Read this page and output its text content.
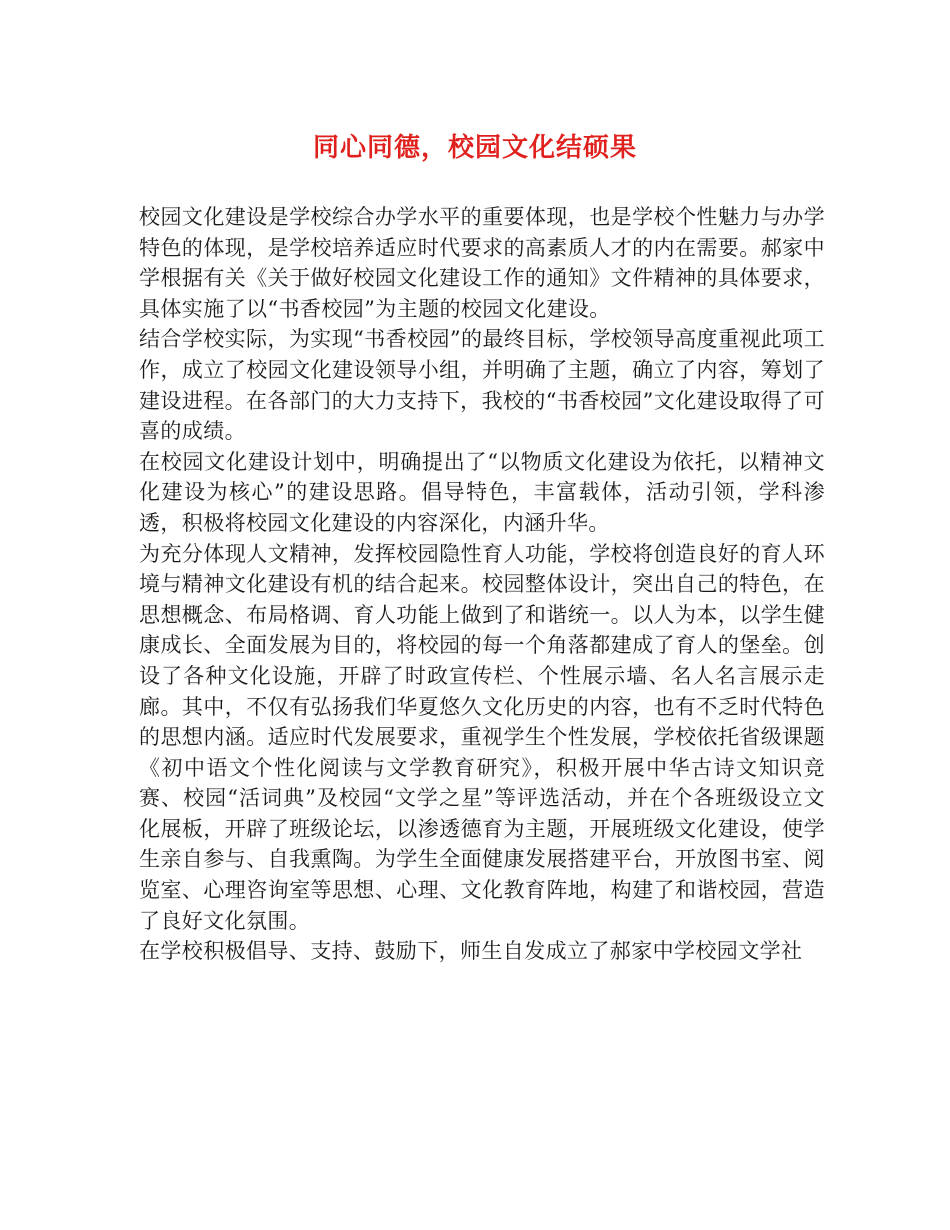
同心同德，校园文化结硕果

校园文化建设是学校综合办学水平的重要体现，也是学校个性魅力与办学特色的体现，是学校培养适应时代要求的高素质人才的内在需要。郝家中学根据有关《关于做好校园文化建设工作的通知》文件精神的具体要求，具体实施了以“书香校园”为主题的校园文化建设。

结合学校实际，为实现“书香校园”的最终目标，学校领导高度重视此项工作，成立了校园文化建设领导小组，并明确了主题，确立了内容，筹划了建设进程。在各部门的大力支持下，我校的“书香校园”文化建设取得了可喜的成绩。

在校园文化建设计划中，明确提出了“以物质文化建设为依托，以精神文化建设为核心”的建设思路。倡导特色，丰富载体，活动引领，学科渗透，积极将校园文化建设的内容深化，内涵升华。

为充分体现人文精神，发挥校园隐性育人功能，学校将创造良好的育人环境与精神文化建设有机的结合起来。校园整体设计，突出自己的特色，在思想概念、布局格调、育人功能上做到了和谐统一。以人为本，以学生健康成长、全面发展为目的，将校园的每一个角落都建成了育人的堡垒。创设了各种文化设施，开辟了时政宣传栏、个性展示墙、名人名言展示走廊。其中，不仅有弘扬我们华夏悠久文化历史的内容，也有不乏时代特色的思想内涵。适应时代发展要求，重视学生个性发展，学校依托省级课题《初中语文个性化阅读与文学教育研究》，积极开展中华古诗文知识竞赛、校园“活词典”及校园“文学之星”等评选活动，并在个各班级设立文化展板，开辟了班级论坛，以渗透德育为主题，开展班级文化建设，使学生亲自参与、自我熏陶。为学生全面健康发展搭建平台，开放图书室、阅览室、心理咨询室等思想、心理、文化教育阵地，构建了和谐校园，营造了良好文化氛围。

在学校积极倡导、支持、鼓励下，师生自发成立了郝家中学校园文学社
